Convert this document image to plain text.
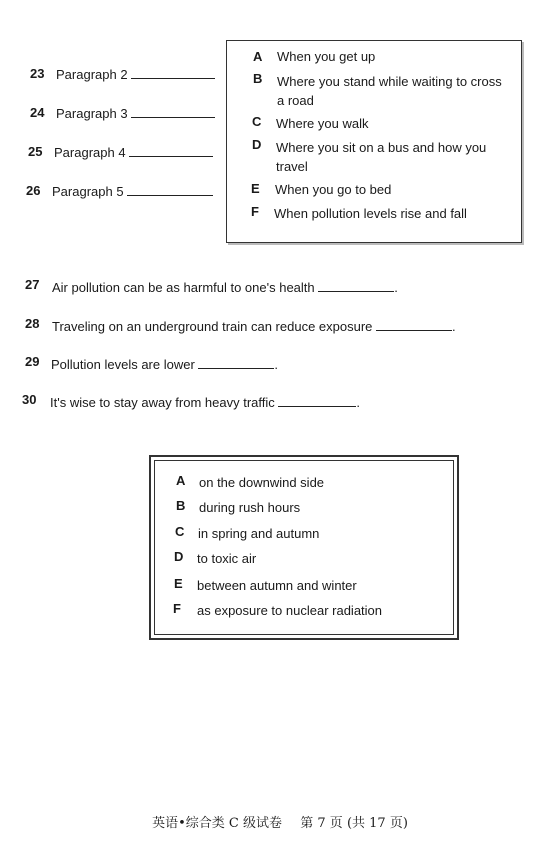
23 Paragraph 2
24 Paragraph 3
25 Paragraph 4
26 Paragraph 5
A When you get up
B Where you stand while waiting to cross
a road
C Where you walk
D Where you sit on a bus and how you
travel
E When you go to bed
F When pollution levels rise and fall
27 Air pollution can be as harmful to one's health	.
28 Traveling on an underground train can reduce exposure	.
29 Pollution levels are lower	.
30 It's wise to stay away from heavy traffic	.
A on the downwind side
B during rush hours
C in spring and autumn
D to toxic air
E between autumn and winter
F as exposure to nuclear radiation
英语•综合类 C 级试卷 第 7 页 (共 17 页)
